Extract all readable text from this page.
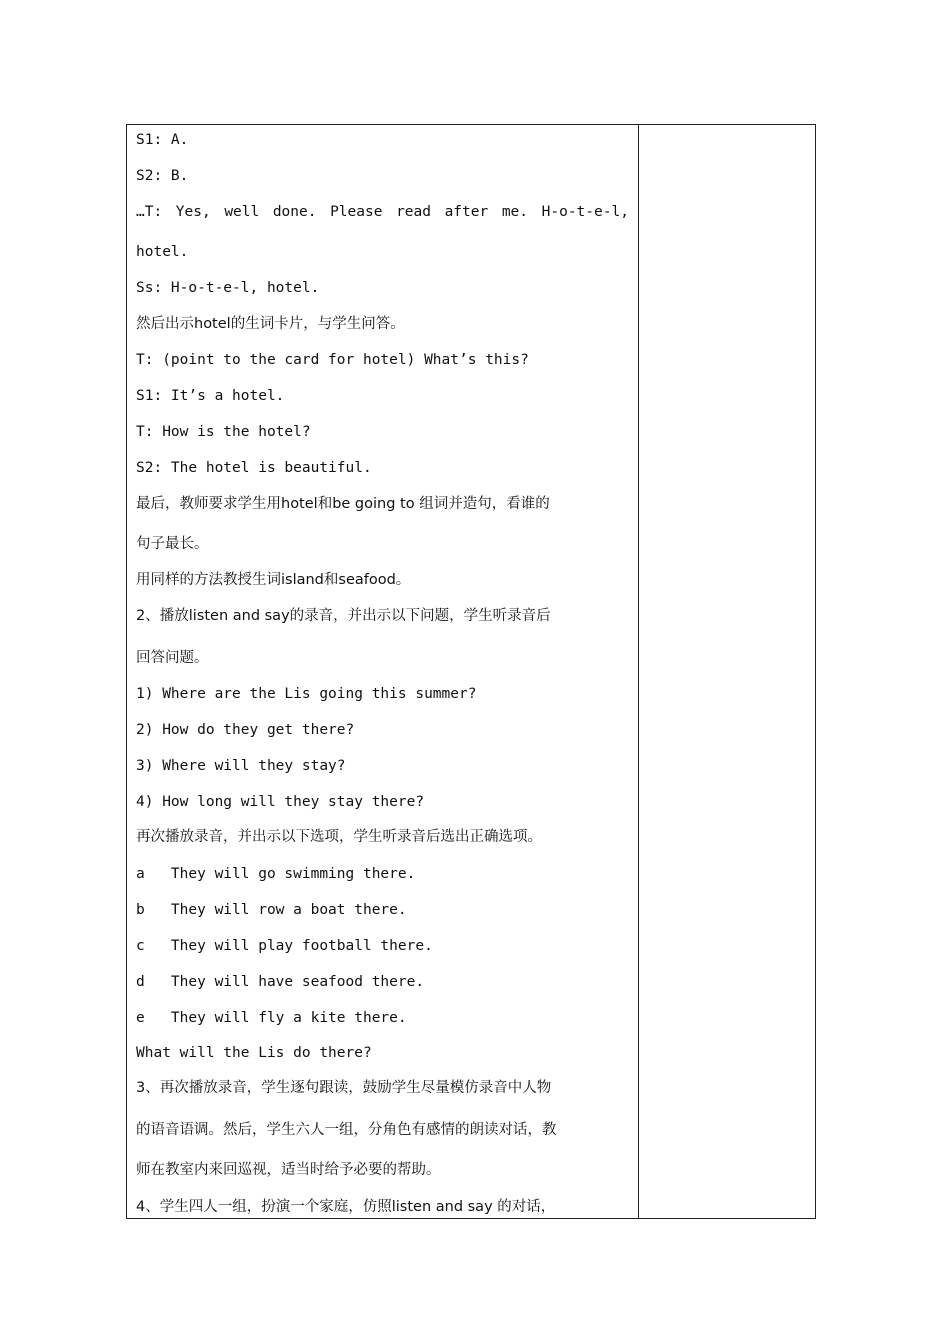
S1: A.
S2: B.
…T: Yes, well done. Please read after me. H-o-t-e-l,
hotel.
Ss: H-o-t-e-l, hotel.
然后出示hotel的生词卡片，与学生问答。
T: (point to the card for hotel) What’s this?
S1: It’s a hotel.
T: How is the hotel?
S2: The hotel is beautiful.
最后，教师要求学生用hotel和be going to 组词并造句，看谁的
句子最长。
用同样的方法教授生词island和seafood。
2、播放listen and say的录音，并出示以下问题，学生听录音后
回答问题。
1) Where are the Lis going this summer?
2) How do they get there?
3) Where will they stay?
4) How long will they stay there?
再次播放录音，并出示以下选项，学生听录音后选出正确选项。
a   They will go swimming there.
b   They will row a boat there.
c   They will play football there.
d   They will have seafood there.
e   They will fly a kite there.
What will the Lis do there?
3、再次播放录音，学生逐句跟读，鼓励学生尽量模仿录音中人物
的语音语调。然后，学生六人一组，分角色有感情的朗读对话，教
师在教室内来回巡视，适当时给予必要的帮助。
4、学生四人一组，扮演一个家庭，仿照listen and say 的对话，
